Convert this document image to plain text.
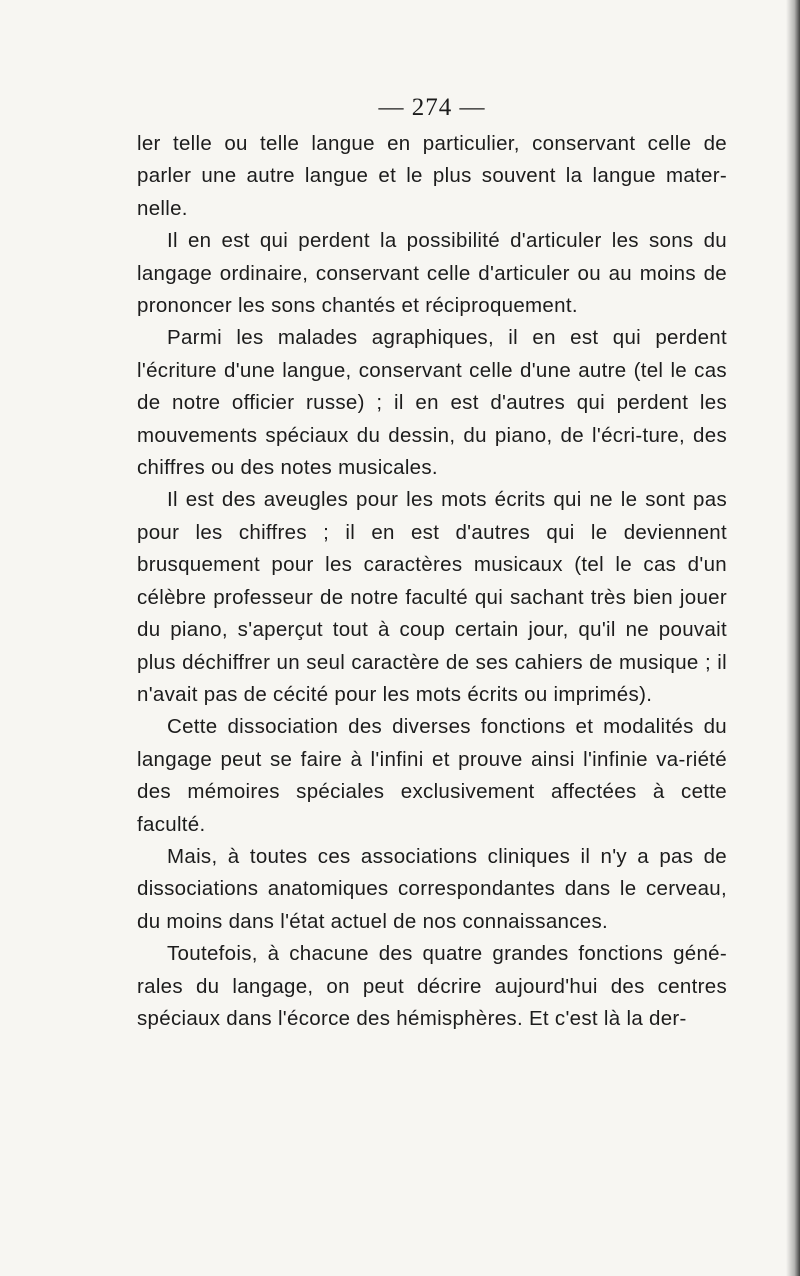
— 274 —

ler telle ou telle langue en particulier, conservant celle de parler une autre langue et le plus souvent la langue mater-nelle.

Il en est qui perdent la possibilité d'articuler les sons du langage ordinaire, conservant celle d'articuler ou au moins de prononcer les sons chantés et réciproquement.

Parmi les malades agraphiques, il en est qui perdent l'écriture d'une langue, conservant celle d'une autre (tel le cas de notre officier russe) ; il en est d'autres qui perdent les mouvements spéciaux du dessin, du piano, de l'écri-ture, des chiffres ou des notes musicales.

Il est des aveugles pour les mots écrits qui ne le sont pas pour les chiffres ; il en est d'autres qui le deviennent brusquement pour les caractères musicaux (tel le cas d'un célèbre professeur de notre faculté qui sachant très bien jouer du piano, s'aperçut tout à coup certain jour, qu'il ne pouvait plus déchiffrer un seul caractère de ses cahiers de musique ; il n'avait pas de cécité pour les mots écrits ou imprimés).

Cette dissociation des diverses fonctions et modalités du langage peut se faire à l'infini et prouve ainsi l'infinie va-riété des mémoires spéciales exclusivement affectées à cette faculté.

Mais, à toutes ces associations cliniques il n'y a pas de dissociations anatomiques correspondantes dans le cerveau, du moins dans l'état actuel de nos connaissances.

Toutefois, à chacune des quatre grandes fonctions géné-rales du langage, on peut décrire aujourd'hui des centres spéciaux dans l'écorce des hémisphères. Et c'est là la der-
